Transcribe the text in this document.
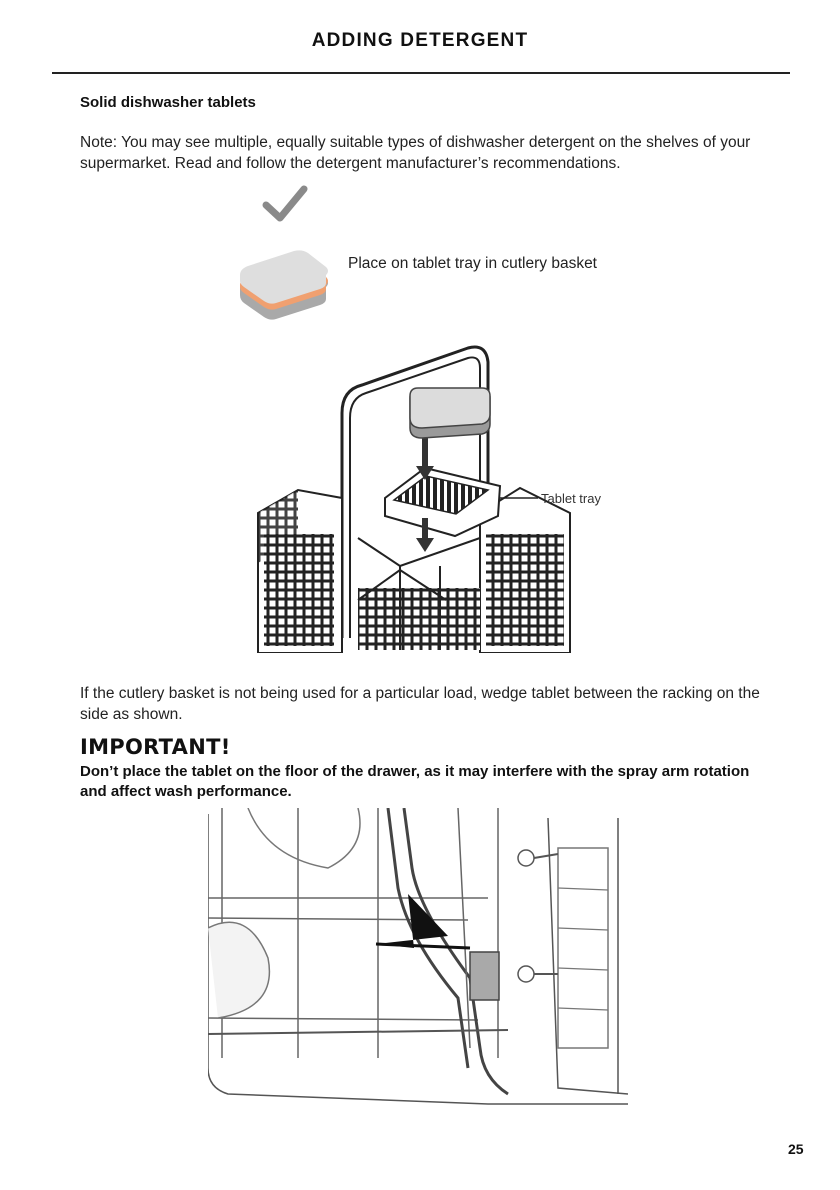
ADDING DETERGENT
Solid dishwasher tablets
Note: You may see multiple, equally suitable types of dishwasher detergent on the shelves of your supermarket. Read and follow the detergent manufacturer’s recommendations.
Place on tablet tray in cutlery basket
Tablet tray
If the cutlery basket is not being used for a particular load, wedge tablet between the racking on the side as shown.
IMPORTANT!
Don’t place the tablet on the floor of the drawer, as it may interfere with the spray arm rotation and affect wash performance.
25
